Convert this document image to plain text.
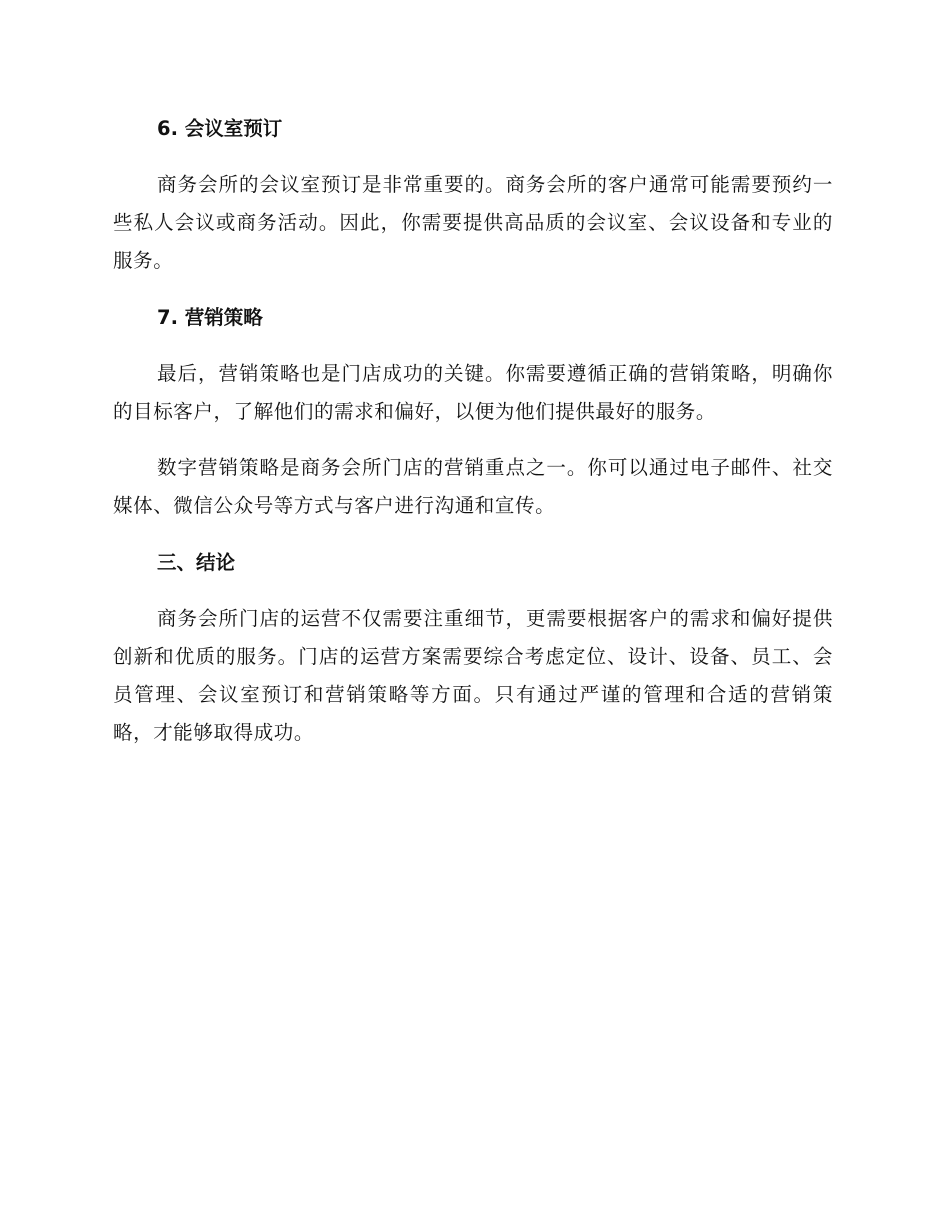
6. 会议室预订

商务会所的会议室预订是非常重要的。商务会所的客户通常可能需要预约一些私人会议或商务活动。因此，你需要提供高品质的会议室、会议设备和专业的服务。

7. 营销策略

最后，营销策略也是门店成功的关键。你需要遵循正确的营销策略，明确你的目标客户，了解他们的需求和偏好，以便为他们提供最好的服务。

数字营销策略是商务会所门店的营销重点之一。你可以通过电子邮件、社交媒体、微信公众号等方式与客户进行沟通和宣传。

三、结论

商务会所门店的运营不仅需要注重细节，更需要根据客户的需求和偏好提供创新和优质的服务。门店的运营方案需要综合考虑定位、设计、设备、员工、会员管理、会议室预订和营销策略等方面。只有通过严谨的管理和合适的营销策略，才能够取得成功。
